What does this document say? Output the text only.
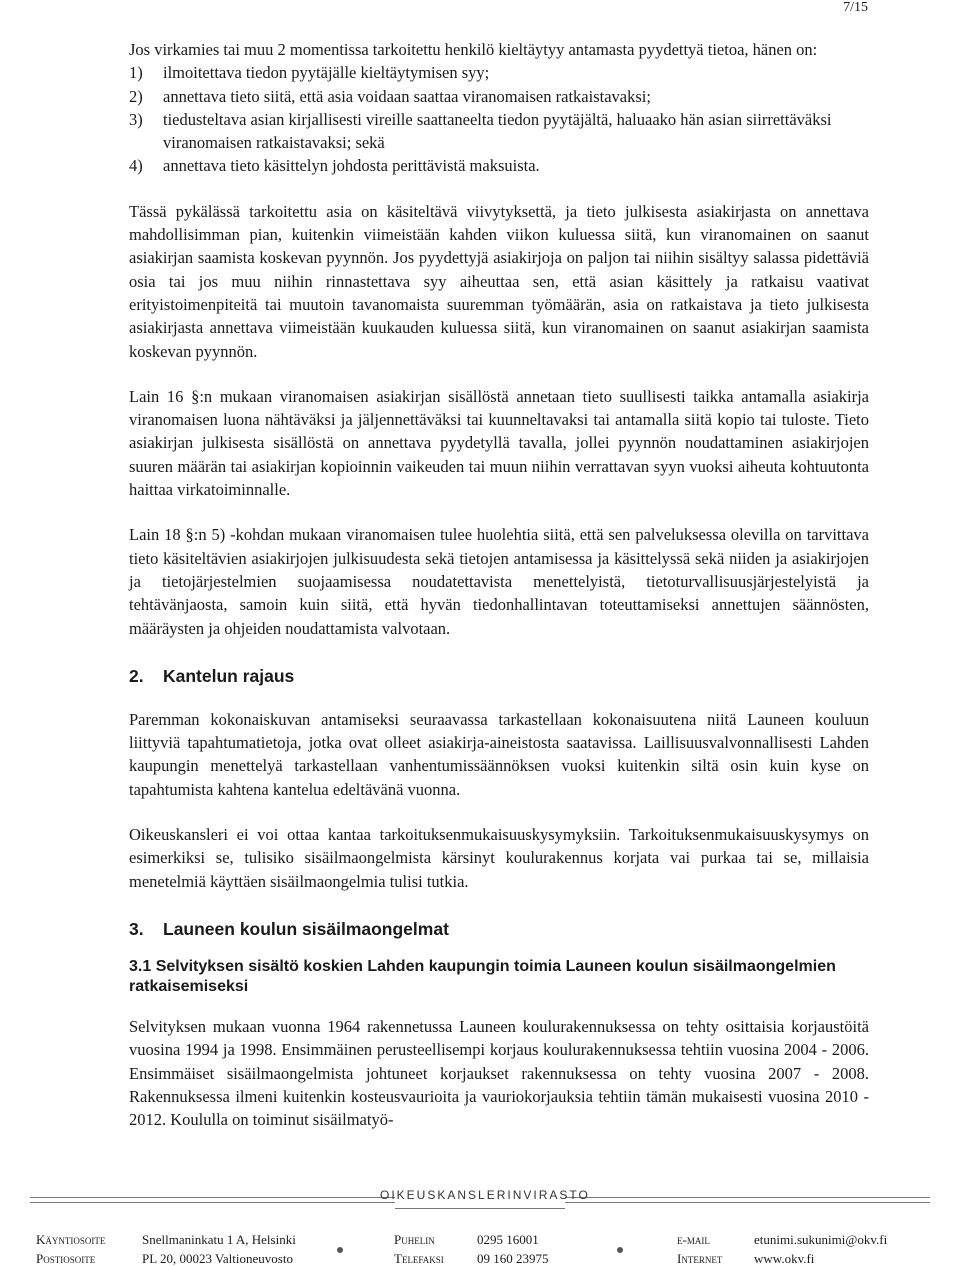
7/15

Jos virkamies tai muu 2 momentissa tarkoitettu henkilö kieltäytyy antamasta pyydettyä tietoa, hänen on:

1) ilmoitettava tiedon pyytäjälle kieltäytymisen syy;
2) annettava tieto siitä, että asia voidaan saattaa viranomaisen ratkaistavaksi;
3) tiedusteltava asian kirjallisesti vireille saattaneelta tiedon pyytäjältä, haluaako hän asian siirrettäväksi viranomaisen ratkaistavaksi; sekä
4) annettava tieto käsittelyn johdosta perittävistä maksuista.

Tässä pykälässä tarkoitettu asia on käsiteltävä viivytyksettä, ja tieto julkisesta asiakirjasta on annettava mahdollisimman pian, kuitenkin viimeistään kahden viikon kuluessa siitä, kun viranomainen on saanut asiakirjan saamista koskevan pyynnön. Jos pyydettyjä asiakirjoja on paljon tai niihin sisältyy salassa pidettäviä osia tai jos muu niihin rinnastettava syy aiheuttaa sen, että asian käsittely ja ratkaisu vaativat erityistoimenpiteitä tai muutoin tavanomaista suuremman työmäärän, asia on ratkaistava ja tieto julkisesta asiakirjasta annettava viimeistään kuukauden kuluessa siitä, kun viranomainen on saanut asiakirjan saamista koskevan pyynnön.

Lain 16 §:n mukaan viranomaisen asiakirjan sisällöstä annetaan tieto suullisesti taikka antamalla asiakirja viranomaisen luona nähtäväksi ja jäljennettäväksi tai kuunneltavaksi tai antamalla siitä kopio tai tuloste. Tieto asiakirjan julkisesta sisällöstä on annettava pyydetyllä tavalla, jollei pyynnön noudattaminen asiakirjojen suuren määrän tai asiakirjan kopioinnin vaikeuden tai muun niihin verrattavan syyn vuoksi aiheuta kohtuutonta haittaa virkatoiminnalle.

Lain 18 §:n 5) -kohdan mukaan viranomaisen tulee huolehtia siitä, että sen palveluksessa olevilla on tarvittava tieto käsiteltävien asiakirjojen julkisuudesta sekä tietojen antamisessa ja käsittelyssä sekä niiden ja asiakirjojen ja tietojärjestelmien suojaamisessa noudatettavista menettelyistä, tietoturvallisuusjärjestelyistä ja tehtävänjaosta, samoin kuin siitä, että hyvän tiedonhallintavan toteuttamiseksi annettujen säännösten, määräysten ja ohjeiden noudattamista valvotaan.

2. Kantelun rajaus

Paremman kokonaiskuvan antamiseksi seuraavassa tarkastellaan kokonaisuutena niitä Launeen kouluun liittyviä tapahtumatietoja, jotka ovat olleet asiakirja-aineistosta saatavissa. Laillisuusvalvonnallisesti Lahden kaupungin menettelyä tarkastellaan vanhentumissäännöksen vuoksi kuitenkin siltä osin kuin kyse on tapahtumista kahtena kantelua edeltävänä vuonna.

Oikeuskansleri ei voi ottaa kantaa tarkoituksenmukaisuuskysymyksiin. Tarkoituksenmukaisuuskysymys on esimerkiksi se, tulisiko sisäilmaongelmista kärsinyt koulurakennus korjata vai purkaa tai se, millaisia menetelmiä käyttäen sisäilmaongelmia tulisi tutkia.

3. Launeen koulun sisäilmaongelmat
3.1 Selvityksen sisältö koskien Lahden kaupungin toimia Launeen koulun sisäilmaongelmien ratkaisemiseksi

Selvityksen mukaan vuonna 1964 rakennetussa Launeen koulurakennuksessa on tehty osittaisia korjaustöitä vuosina 1994 ja 1998. Ensimmäinen perusteellisempi korjaus koulurakennuksessa tehtiin vuosina 2004 - 2006. Ensimmäiset sisäilmaongelmista johtuneet korjaukset rakennuksessa on tehty vuosina 2007 - 2008. Rakennuksessa ilmeni kuitenkin kosteusvaurioita ja vauriokorjauksia tehtiin tämän mukaisesti vuosina 2010 - 2012. Koululla on toiminut sisäilmatyö-

OIKEUSKANSLERINVIRASTO
Käyntiosoite	Snellmaninkatu 1 A, Helsinki
Postiosoite	PL 20, 00023 Valtioneuvosto
Puhelin	0295 16001
Telefaksi	09 160 23975
e-mail	etunimi.sukunimi@okv.fi
Internet www.okv.fi
